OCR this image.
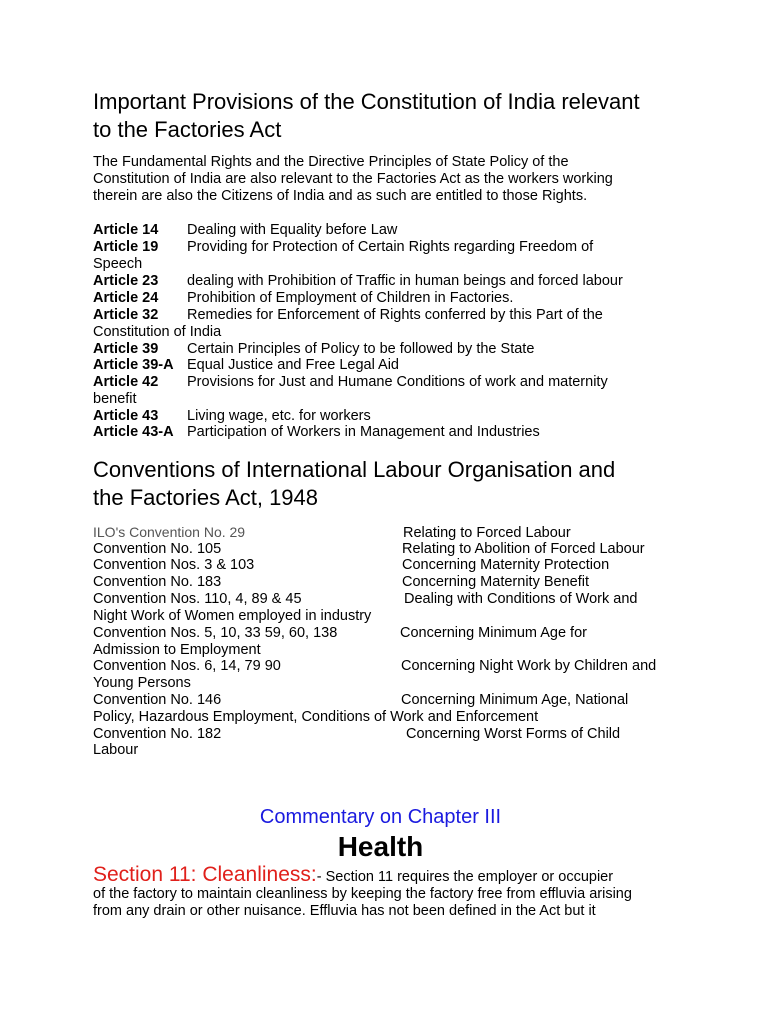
Important Provisions of the Constitution of India relevant
to the Factories Act
The Fundamental Rights and the Directive Principles of State Policy of the
Constitution of India are also relevant to the Factories Act as the workers working
therein are also the Citizens of India and as such are entitled to those Rights.
Article 14 Dealing with Equality before Law
Article 19 Providing for Protection of Certain Rights regarding Freedom of
Speech
Article 23 dealing with Prohibition of Traffic in human beings and forced labour
Article 24 Prohibition of Employment of Children in Factories.
Article 32 Remedies for Enforcement of Rights conferred by this Part of the
Constitution of India
Article 39 Certain Principles of Policy to be followed by the State
Article 39-A Equal Justice and Free Legal Aid
Article 42 Provisions for Just and Humane Conditions of work and maternity
benefit
Article 43 Living wage, etc. for workers
Article 43-A Participation of Workers in Management and Industries
Conventions of International Labour Organisation and
the Factories Act, 1948
ILO's Convention No. 29	Relating to Forced Labour
Convention No. 105	Relating to Abolition of Forced Labour
Convention Nos. 3 & 103	Concerning Maternity Protection
Convention No. 183	Concerning Maternity Benefit
Convention Nos. 110, 4, 89 & 45	Dealing with Conditions of Work and
Night Work of Women employed in industry
Convention Nos. 5, 10, 33 59, 60, 138	Concerning Minimum Age for
Admission to Employment
Convention Nos. 6, 14, 79 90	Concerning Night Work by Children and
Young Persons
Convention No. 146	Concerning Minimum Age, National
Policy, Hazardous Employment, Conditions of Work and Enforcement
Convention No. 182	Concerning Worst Forms of Child
Labour
Commentary on Chapter III
Health
Section 11: Cleanliness:- Section 11 requires the employer or occupier
of the factory to maintain cleanliness by keeping the factory free from effluvia arising
from any drain or other nuisance. Effluvia has not been defined in the Act but it
